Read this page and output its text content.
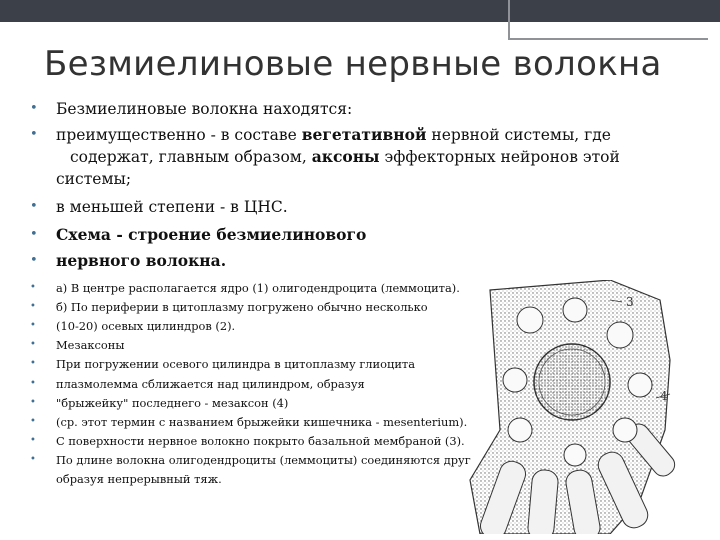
Безмиелиновые нервные волокна
• Безмиелиновые волокна находятся:
• преимущественно - в составе вегетативной нервной системы, где
содержат, главным образом, аксоны эффекторных нейронов этой
системы;
• в меньшей степени - в ЦНС.
• Схема - строение безмиелинового
• нервного волокна.
• а) В центре располагается ядро (1) олигодендроцита (леммоцита).
• б) По периферии в цитоплазму погружено обычно несколько
• (10-20) осевых цилиндров (2).
• Мезаксоны
• При погружении осевого цилиндра в цитоплазму глиоцита
• плазмолемма сближается над цилиндром, образуя
• "брыжейку" последнего - мезаксон (4)
• (ср. этот термин с названием брыжейки кишечника - mesenterium).
• С поверхности нервное волокно покрыто базальной мембраной (3).
• По длине волокна олигодендроциты (леммоциты) соединяются друг
образуя непрерывный тяж.
3
4
